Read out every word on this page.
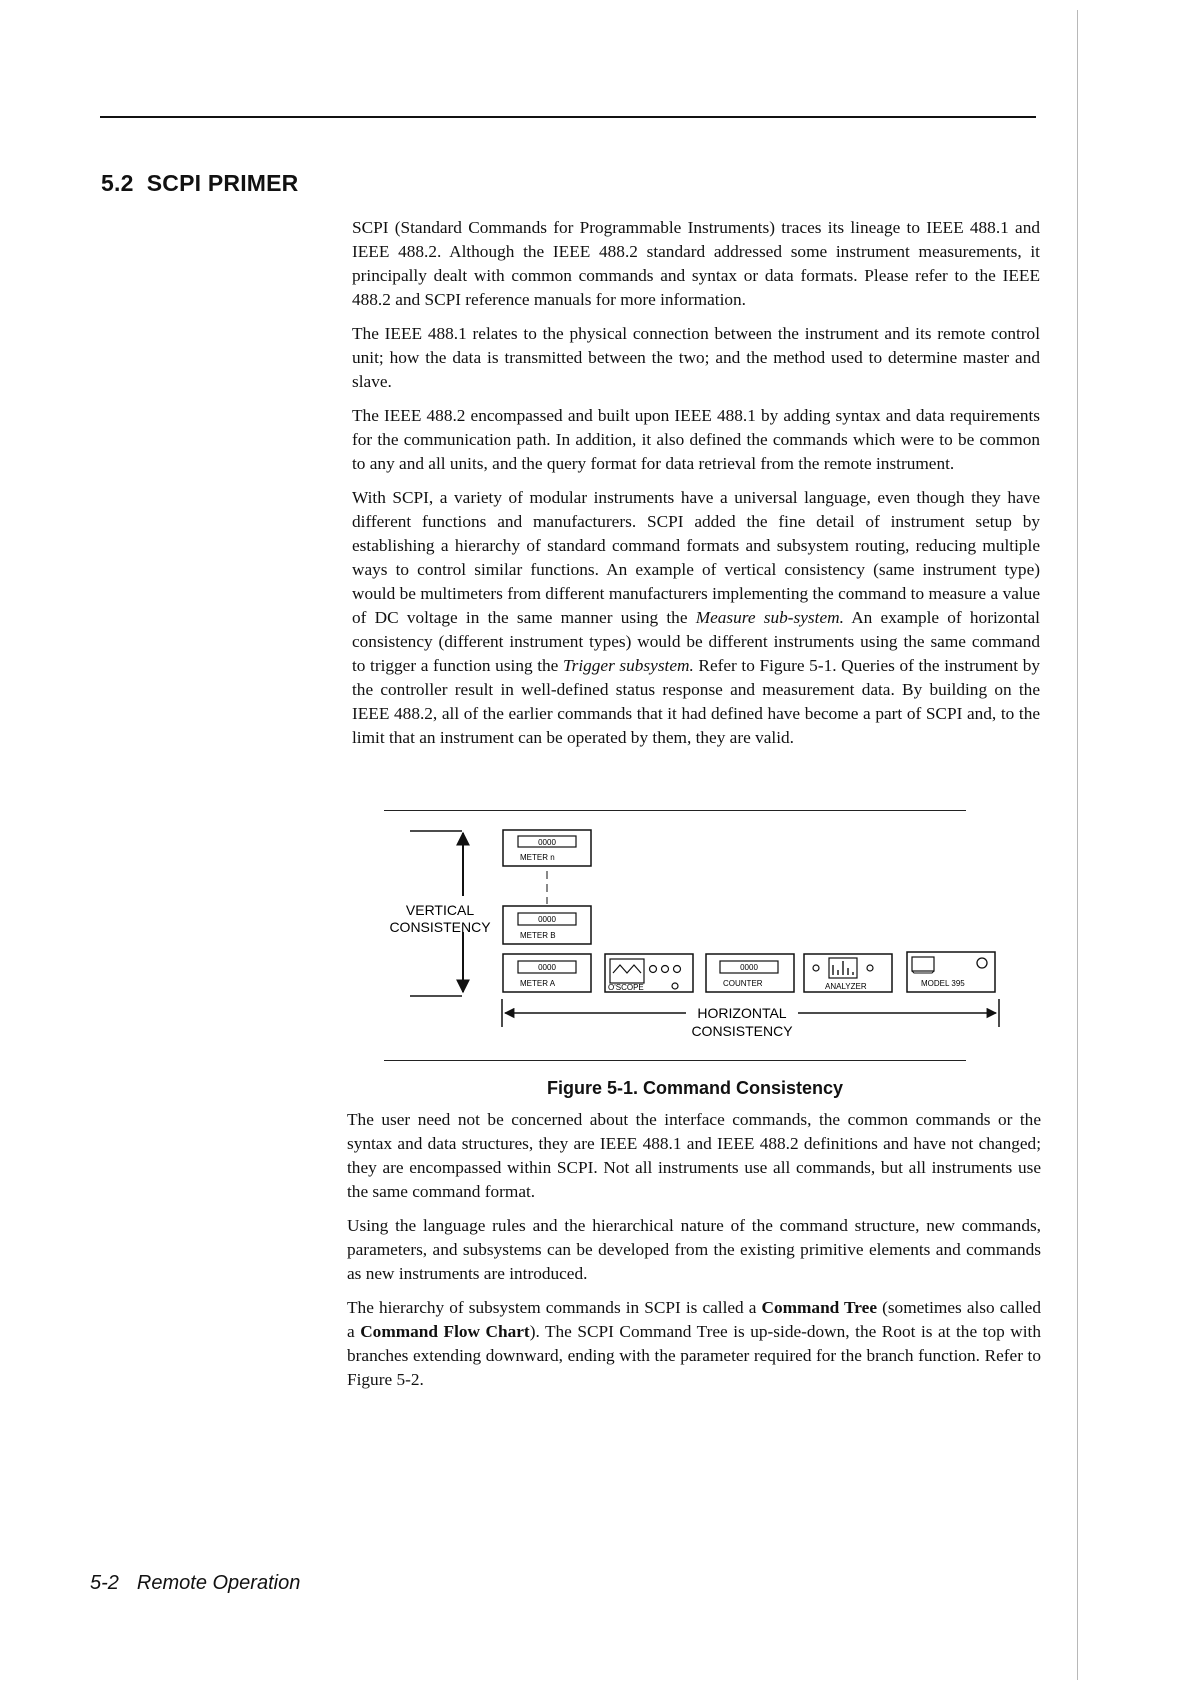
5.2 SCPI PRIMER

SCPI (Standard Commands for Programmable Instruments) traces its lineage to IEEE 488.1 and IEEE 488.2. Although the IEEE 488.2 standard addressed some instrument measurements, it principally dealt with common commands and syntax or data formats. Please refer to the IEEE 488.2 and SCPI reference manuals for more information.

The IEEE 488.1 relates to the physical connection between the instrument and its remote control unit; how the data is transmitted between the two; and the method used to determine master and slave.

The IEEE 488.2 encompassed and built upon IEEE 488.1 by adding syntax and data requirements for the communication path. In addition, it also defined the commands which were to be common to any and all units, and the query format for data retrieval from the remote instrument.

With SCPI, a variety of modular instruments have a universal language, even though they have different functions and manufacturers. SCPI added the fine detail of instrument setup by establishing a hierarchy of standard command formats and subsystem routing, reducing multiple ways to control similar functions. An example of vertical consistency (same instrument type) would be multimeters from different manufacturers implementing the command to measure a value of DC voltage in the same manner using the Measure sub-system. An example of horizontal consistency (different instrument types) would be different instruments using the same command to trigger a function using the Trigger subsystem. Refer to Figure 5-1. Queries of the instrument by the controller result in well-defined status response and measurement data. By building on the IEEE 488.2, all of the earlier commands that it had defined have become a part of SCPI and, to the limit that an instrument can be operated by them, they are valid.

VERTICAL
CONSISTENCY
0000
METER n
0000
METER B
0000
METER A	O'SCOPE
0000
COUNTER	ANALYZER	MODEL 395
HORIZONTAL
CONSISTENCY

Figure 5-1. Command Consistency

The user need not be concerned about the interface commands, the common commands or the syntax and data structures, they are IEEE 488.1 and IEEE 488.2 definitions and have not changed; they are encompassed within SCPI. Not all instruments use all commands, but all instruments use the same command format.

Using the language rules and the hierarchical nature of the command structure, new commands, parameters, and subsystems can be developed from the existing primitive elements and commands as new instruments are introduced.

The hierarchy of subsystem commands in SCPI is called a Command Tree (sometimes also called a Command Flow Chart). The SCPI Command Tree is up-side-down, the Root is at the top with branches extending downward, ending with the parameter required for the branch function. Refer to Figure 5-2.

5-2 Remote Operation
